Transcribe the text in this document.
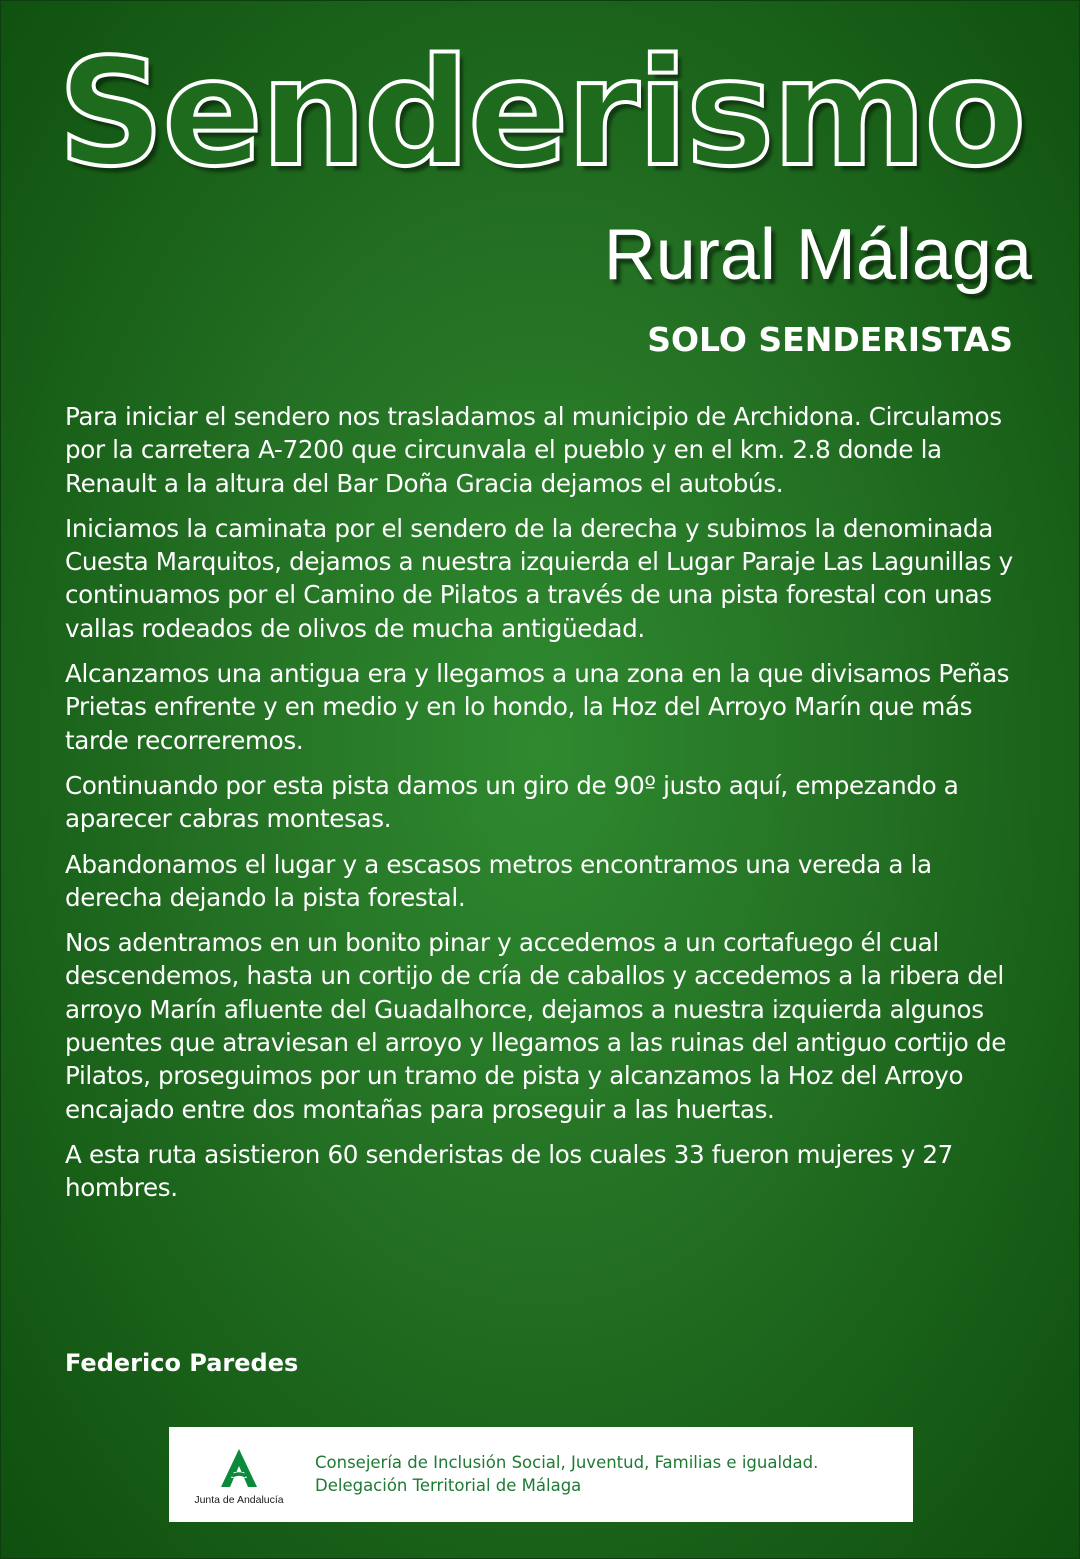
Senderismo
Rural Málaga
SOLO SENDERISTAS

Para iniciar el sendero nos trasladamos al municipio de Archidona. Circulamos por la carretera A-7200 que circunvala el pueblo y en el km. 2.8 donde la Renault a la altura del Bar Doña Gracia dejamos el autobús.

Iniciamos la caminata por el sendero de la derecha y subimos la denominada Cuesta Marquitos, dejamos a nuestra izquierda el Lugar Paraje Las Lagunillas y continuamos por el Camino de Pilatos a través de una pista forestal con unas vallas rodeados de olivos de mucha antigüedad.

Alcanzamos una antigua era y llegamos a una zona en la que divisamos Peñas Prietas enfrente y en medio y en lo hondo, la Hoz del Arroyo Marín que más tarde recorreremos.

Continuando por esta pista damos un giro de 90º justo aquí, empezando a aparecer cabras montesas.

Abandonamos el lugar y a escasos metros encontramos una vereda a la derecha dejando la pista forestal.

Nos adentramos en un bonito pinar y accedemos a un cortafuego él cual descendemos, hasta un cortijo de cría de caballos y accedemos a la ribera del arroyo Marín afluente del Guadalhorce, dejamos a nuestra izquierda algunos puentes que atraviesan el arroyo y llegamos a las ruinas del antiguo cortijo de Pilatos, proseguimos por un tramo de pista y alcanzamos la Hoz del Arroyo encajado entre dos montañas para proseguir a las huertas.

A esta ruta asistieron 60 senderistas de los cuales 33 fueron mujeres y 27 hombres.

Federico Paredes

Junta de Andalucía
Consejería de Inclusión Social, Juventud, Familias e igualdad.
Delegación Territorial de Málaga
